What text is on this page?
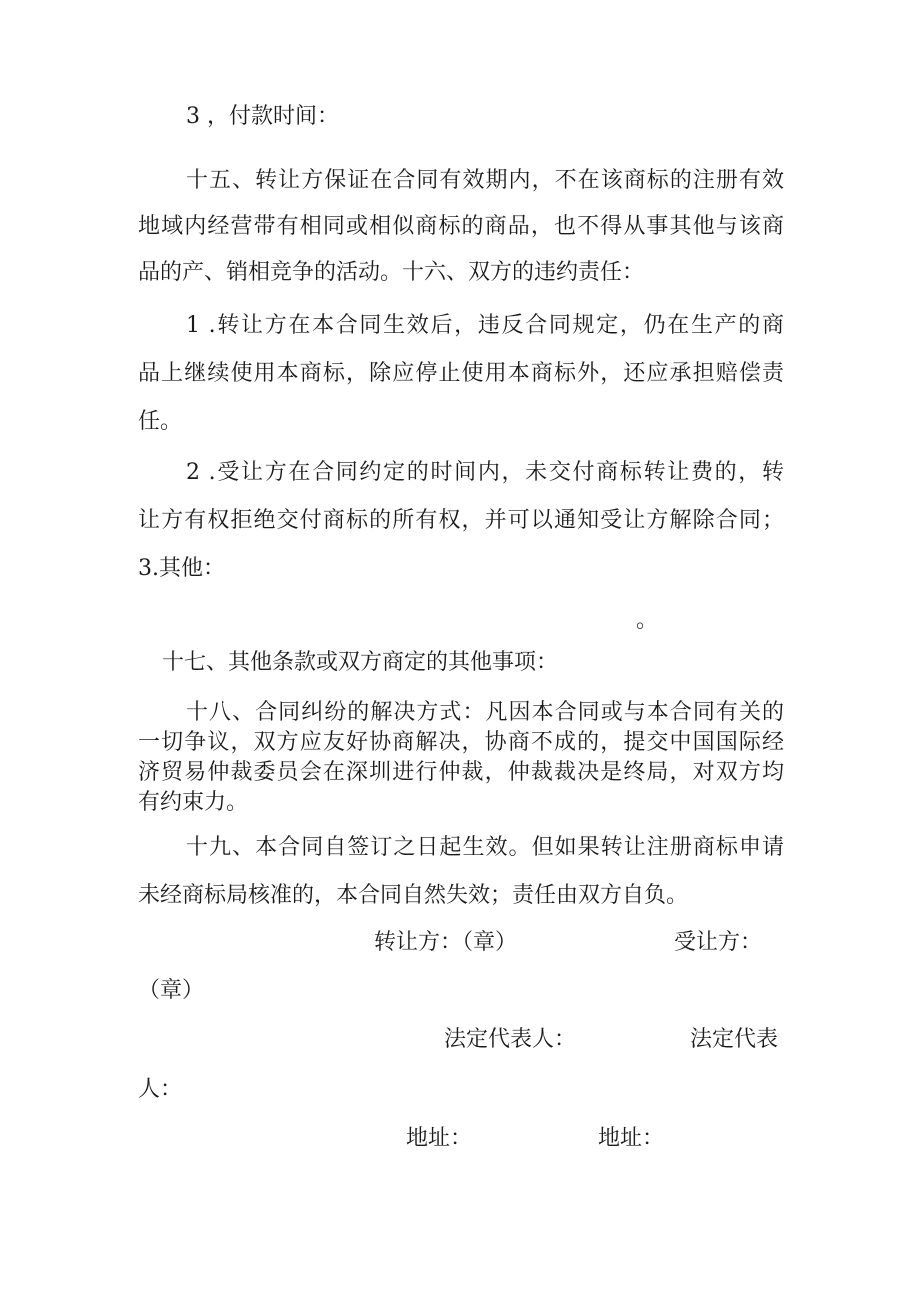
3 ，付款时间：
十五、转让方保证在合同有效期内，不在该商标的注册有效
地域内经营带有相同或相似商标的商品，也不得从事其他与该商
品的产、销相竞争的活动。十六、双方的违约责任：
1 .转让方在本合同生效后，违反合同规定，仍在生产的商
品上继续使用本商标，除应停止使用本商标外，还应承担赔偿责
任。
2 .受让方在合同约定的时间内，未交付商标转让费的，转
让方有权拒绝交付商标的所有权，并可以通知受让方解除合同；
3.其他：
。
十七、其他条款或双方商定的其他事项：
十八、合同纠纷的解决方式：凡因本合同或与本合同有关的
一切争议，双方应友好协商解决，协商不成的，提交中国国际经
济贸易仲裁委员会在深圳进行仲裁，仲裁裁决是终局，对双方均
有约束力。
十九、本合同自签订之日起生效。但如果转让注册商标申请
未经商标局核准的，本合同自然失效；责任由双方自负。
转让方：（章）	受让方：
（章）
法定代表人：	法定代表
人：
地址：	地址：
